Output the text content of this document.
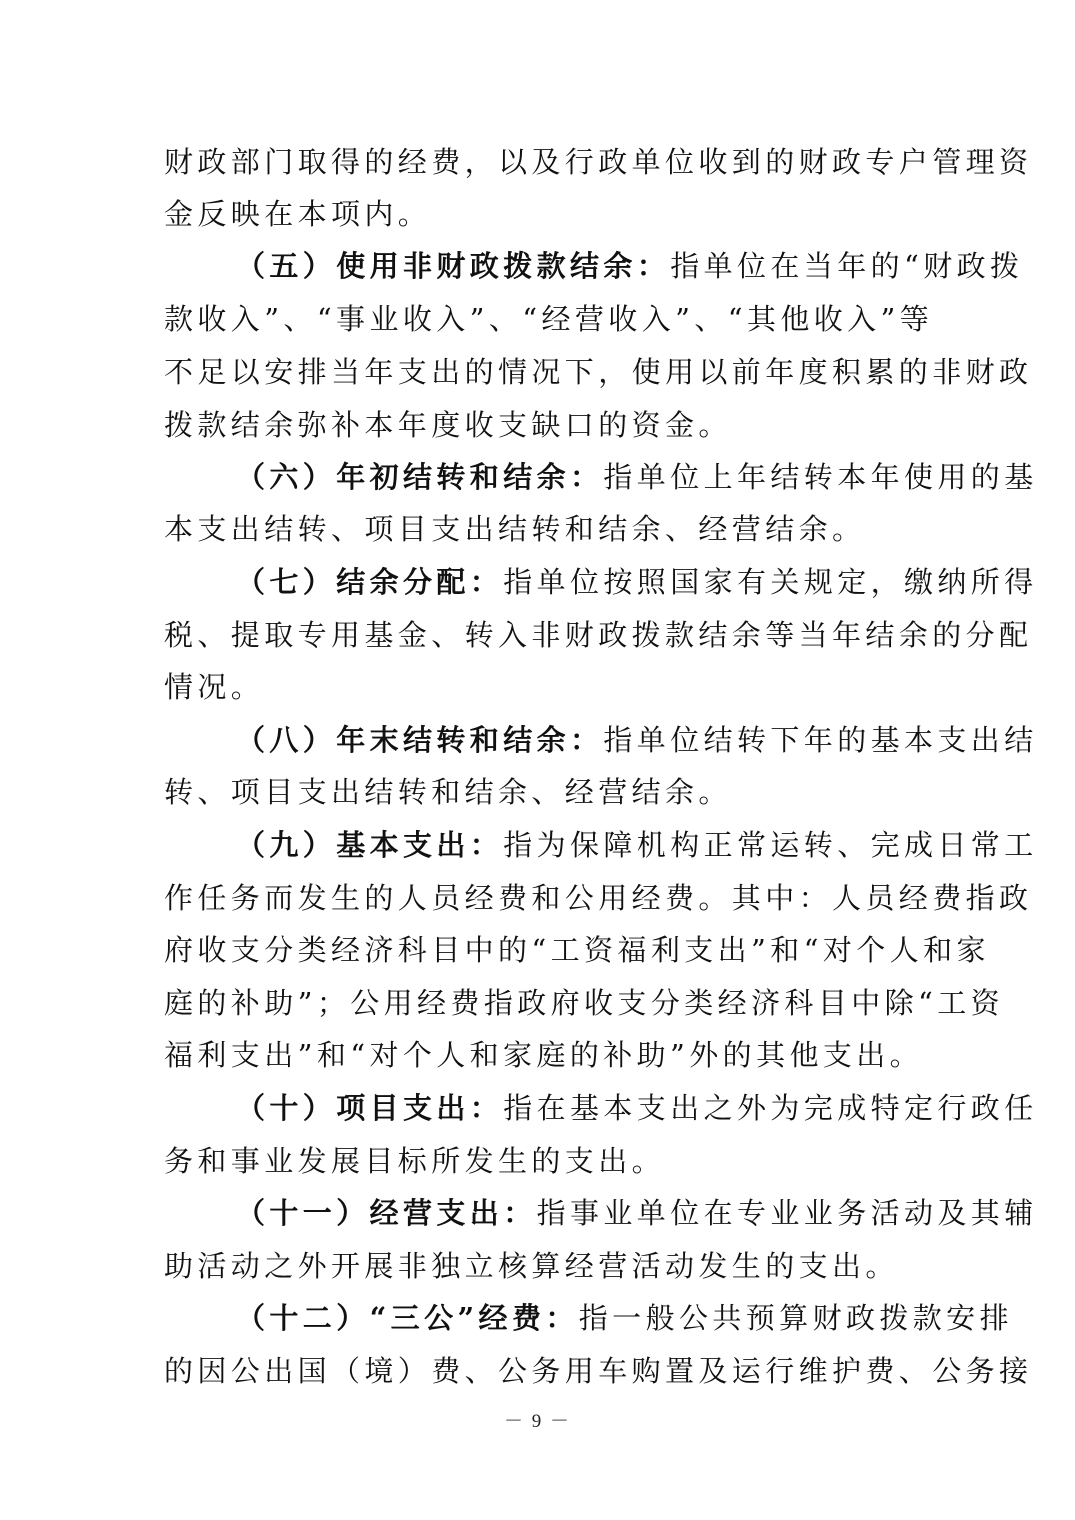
财政部门取得的经费，以及行政单位收到的财政专户管理资
金反映在本项内。
（五）使用非财政拨款结余：指单位在当年的“财政拨
款收入”、“事业收入”、“经营收入”、“其他收入”等
不足以安排当年支出的情况下，使用以前年度积累的非财政
拨款结余弥补本年度收支缺口的资金。
（六）年初结转和结余：指单位上年结转本年使用的基
本支出结转、项目支出结转和结余、经营结余。
（七）结余分配：指单位按照国家有关规定，缴纳所得
税、提取专用基金、转入非财政拨款结余等当年结余的分配
情况。
（八）年末结转和结余：指单位结转下年的基本支出结
转、项目支出结转和结余、经营结余。
（九）基本支出：指为保障机构正常运转、完成日常工
作任务而发生的人员经费和公用经费。其中：人员经费指政
府收支分类经济科目中的“工资福利支出”和“对个人和家
庭的补助”；公用经费指政府收支分类经济科目中除“工资
福利支出”和“对个人和家庭的补助”外的其他支出。
（十）项目支出：指在基本支出之外为完成特定行政任
务和事业发展目标所发生的支出。
（十一）经营支出：指事业单位在专业业务活动及其辅
助活动之外开展非独立核算经营活动发生的支出。
（十二）“三公”经费：指一般公共预算财政拨款安排
的因公出国（境）费、公务用车购置及运行维护费、公务接
－ 9 －
